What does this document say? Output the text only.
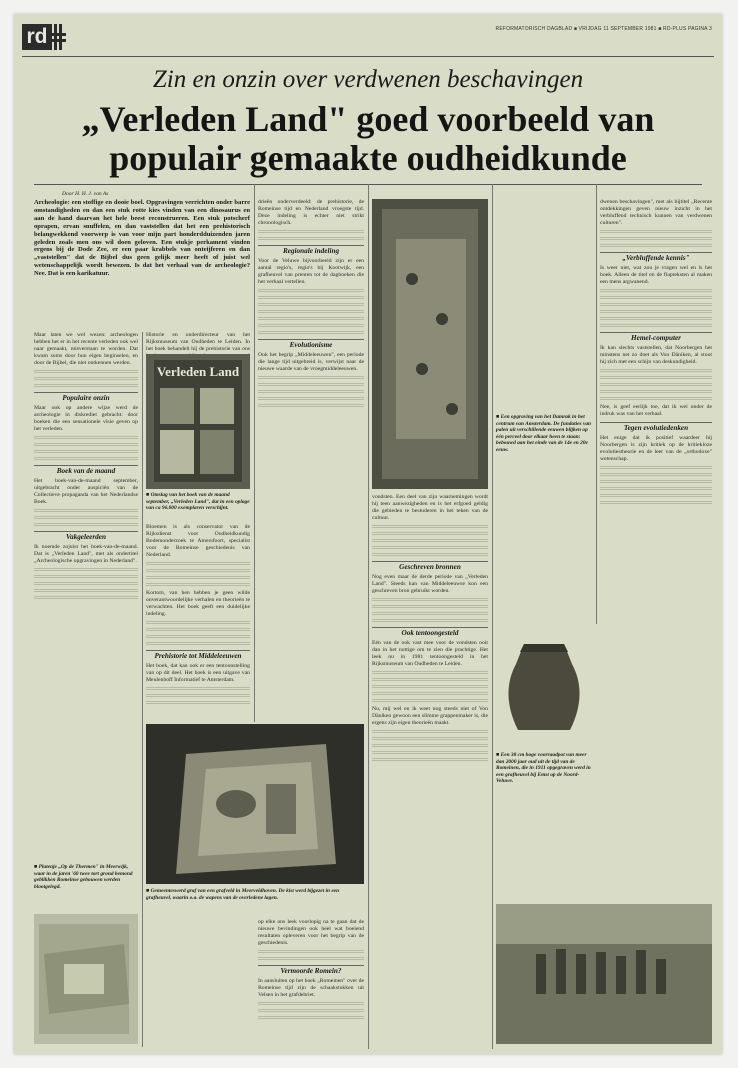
rd	REFORMATORISCH DAGBLAD ■ VRIJDAG 11 SEPTEMBER 1981 ■ RD-PLUS PAGINA 3
Zin en onzin over verdwenen beschavingen
„Verleden Land" goed voorbeeld van populair gemaakte oudheidkunde
Door H. H. J. van As
Archeologie: een stoffige en dooie boel. Opgravingen verrichten onder barre omstandigheden en dan een stuk rotte kies vinden van een dinosaurus en aan de hand daarvan het hele beest reconstrueren. Een stuk potscherf oprapen, ervan snuffelen, en dan vaststellen dat het een prehistorisch belangwekkend voorwerp is van voor mijn part honderdduizenden jaren geleden zoals men ons wil doen geloven. Een stukje perkament vinden ergens bij de Dode Zee, er een paar krabbels van onteijferen en dan „vaststellen" dat de Bijbel dus geen gelijk meer heeft of juist wel wetenschappelijk wordt bewezen. Is dat het verhaal van de archeologie? Nee. Dat is een karikatuur.

Maar laten we wel wezen: archeologen hebben het er in het recente verleden ook wel naar gemaakt, misverstaan te worden. Dat kwam soms door hun eigen beginselen, en door de Bijbel, die niet ontkennen werden.

Populaire onzin

Maar ook op andere wijze werd de archeologie in diskrediet gebracht: door boeken die een sensationele visie geven op het verleden.

Boek van de maand

Het boek-van-de-maand september, uitgebracht onder auspiciën van de Collectieve propaganda van het Nederlandse Boek.

Vakgeleerden

Ik noemde zojuist het boek-van-de-maand. Dat is „Verleden Land", met als ondertitel „Archeologische opgravingen in Nederland".

■ Platenje „Op de Thermen" in Meerwijk, waar in de jaren '60 twee tort grond bemond geblikken Romeinse gebouwen werden blootgelegd.

Historie en onderdirecteur van het Rijksmuseum van Oudheden te Leiden. In het boek behandelt hij de prehistorie van ons

Verleden Land
■ Omslag van het boek van de maand september, „Verleden Land", dat in een oplage van ca 96.000 exemplaren verschijnt.

Bloemen is als conservator van de Rijksdienst voor Oudheidkundig Bodemonderzoek te Amersfoort, specialist voor de Romeinse geschiedenis van Nederland.

Kortom, van hen hebben je geen wilde onverantwoordelijke verhalen en theorieën te verwachten. Het boek geeft een duidelijke indeling.

Prehistorie tot Middeleeuwen

Het boek, dat kan ook er een tentoonstelling van op dit deel. Het boek is een uitgave van Meulenhoff Informatief te Amsterdam.

■ Gemeenteswerd graf van een grafveld in Meerveldhoven. De kist werd bijgezet in een grafheuvel, waarin o.a. de wapens van de overledene lagen.

drieën onderverdeeld: de prehistorie, de Romeinse tijd en Nederland vroegste tijd. Deze indeling is echter niet strikt chronologisch.

Regionale indeling

Voor de Veluwe bijvoorbeeld zijn er een aantal regio's, regio's bij Kootwijk, een grafheuvel van prenten tot de dagboeken die het verhaal vertellen.

Evolutionisme

Ook het begrip „Middeleeuwen", een periode die lange tijd uitgebreid is, verwijst naar de nieuwe waarde van de vroegmiddeleeuwen.

op elke ons leek voorlopig na te gaan dat de nieuwe bevindingen ook heel wat boeiend resultaten opleveren voor het begrip van de geschiedenis.

Vermoorde Romein?

In aansluiten op het boek „Romeinen" over de Romeinse tijd zijn de schaakstukken uit Velsen in het grafdebriet.

vondsten. Een deel van zijn waarnemingen wordt hij teen aanwezigheden en is het erfgoed geldig die gebieden te bestuderen in het teken van de cultuur.

Geschreven bronnen

Nog even maar de derde periode van „Verleden Land". Steeds kan van Middeleeuwse kon een geschreven bron gebruikt worden.

Ook tentoongesteld

Eén van de ook vast mee voor de vondsten ooit dan in het nuttige om te zien die prachtige. Het leek nu in 1981 tentoongesteld in het Rijksmuseum van Oudheden te Leiden.

Nu, mij wel en ik weet nog steeds niet of Von Däniken gewoon een slimme grappenmaker is, die ergens zijn eigen theorieën maakt.

■ Een opgraving van het Damrak in het centrum van Amsterdam. De fundaties van palen uit verschillende eeuwen blijken op één perceel door elkaar heen te staan: bebouwd aan het einde van de 14e en 20e eeuw.
■ Een 38 cm hoge voorraadpot van meer dan 2000 jaar oud uit de tijd van de Romeinen, die in 1911 opgegraven werd in een grafheuvel bij Emst op de Noord-Veluwe.

dwenen beschavingen", met als bijtitel „Recente ontdekkingen geven nieuw inzicht in het verbluffend technisch kunnen van verdwenen culturen".

„Verbluffende kennis"

Is weer niet, wat zou je vragen wel en is het boek. Alleen de titel en de flapteksten al maken een mens argwanend.

Hemel-computer

Ik kan slechts vaststellen, dat Noorbergen het minstens net zo doet als Von Däniken, al stoot hij zich met een schijn van deskundigheid.

Nee, is geef eerlijk toe, dat ik wel onder de indruk was van het verhaal.

Tegen evolutiedenken

Het enige dat ik positief waardeer bij Noorbergen is zijn kritiek op de kritiekloze evolutiestheorie en de leer van de „orthodoxe" wetenschap.
